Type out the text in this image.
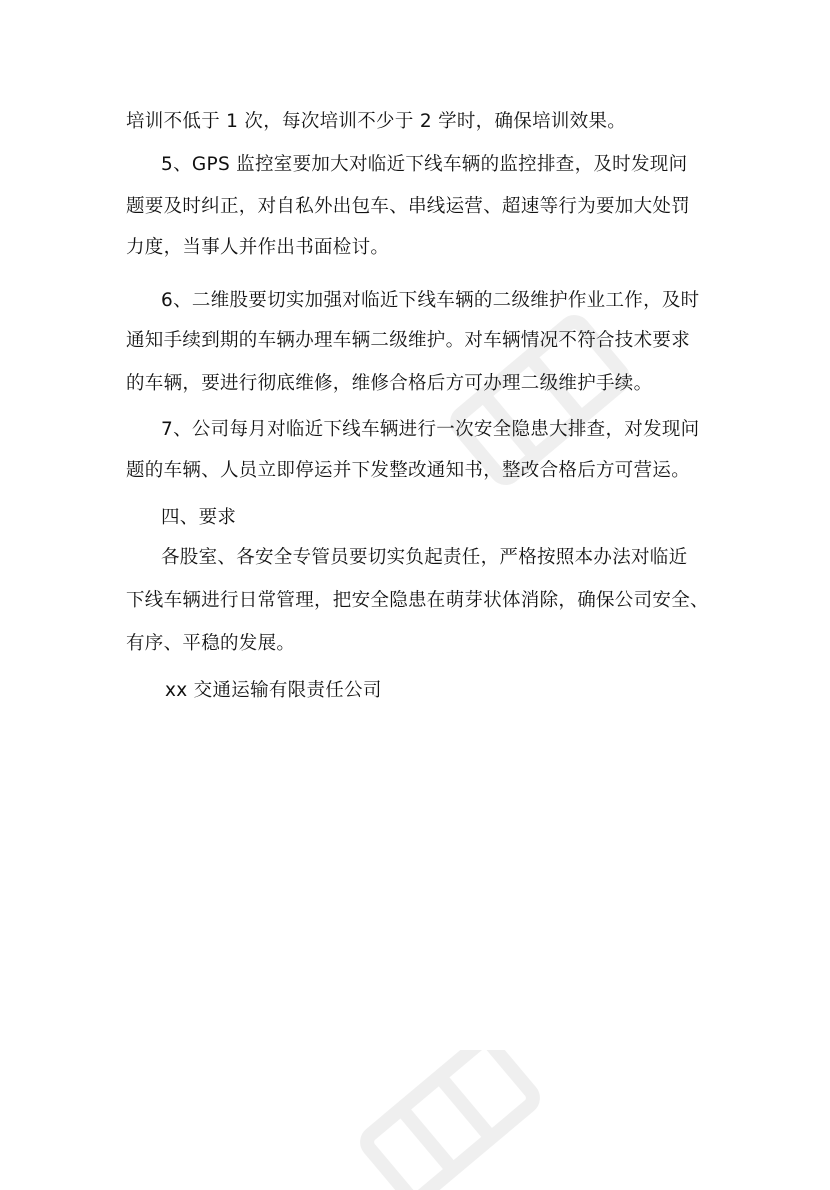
培训不低于 1 次，每次培训不少于 2 学时，确保培训效果。
5、GPS 监控室要加大对临近下线车辆的监控排查，及时发现问
题要及时纠正，对自私外出包车、串线运营、超速等行为要加大处罚
力度，当事人并作出书面检讨。
6、二维股要切实加强对临近下线车辆的二级维护作业工作，及时
通知手续到期的车辆办理车辆二级维护。对车辆情况不符合技术要求
的车辆，要进行彻底维修，维修合格后方可办理二级维护手续。
7、公司每月对临近下线车辆进行一次安全隐患大排查，对发现问
题的车辆、人员立即停运并下发整改通知书，整改合格后方可营运。
四、要求
各股室、各安全专管员要切实负起责任，严格按照本办法对临近
下线车辆进行日常管理，把安全隐患在萌芽状体消除，确保公司安全、
有序、平稳的发展。
xx 交通运输有限责任公司
